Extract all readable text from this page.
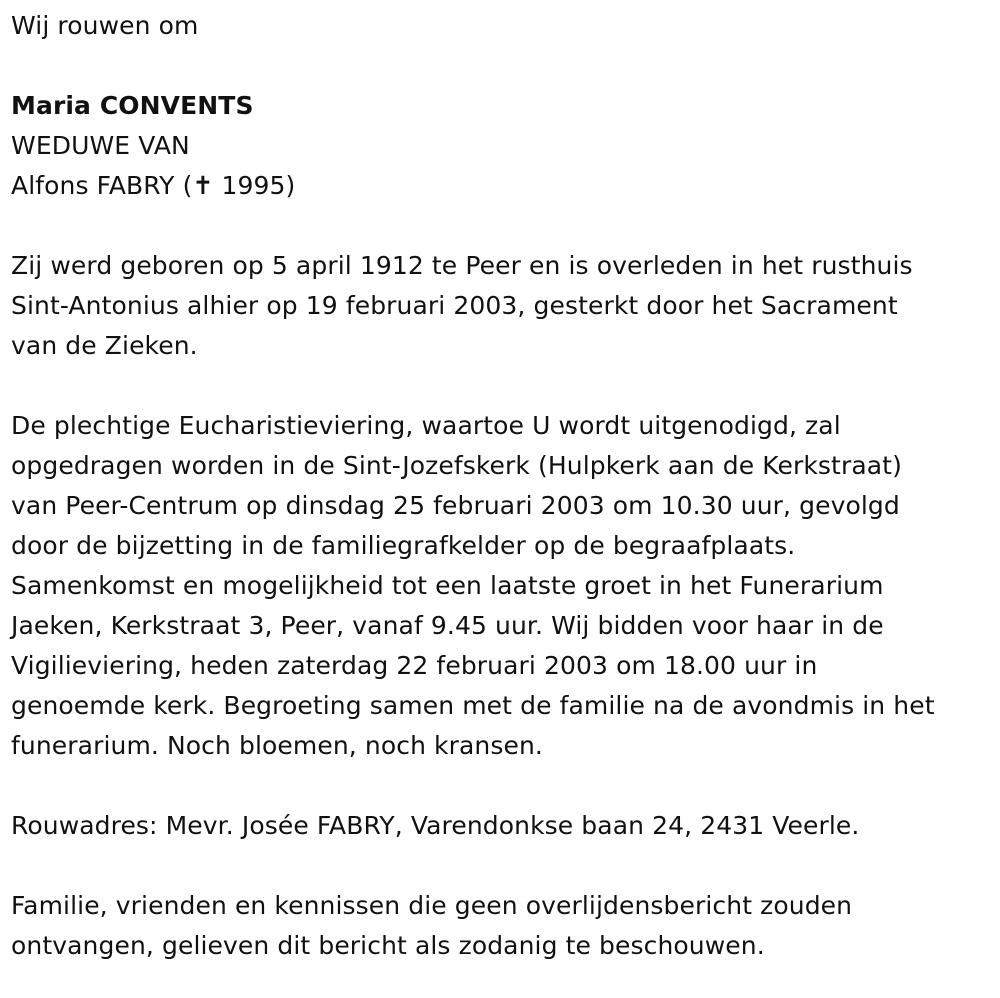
Wij rouwen om

Maria CONVENTS

WEDUWE VAN

Alfons FABRY (✝ 1995)

Zij werd geboren op 5 april 1912 te Peer en is overleden in het rusthuis

Sint-Antonius alhier op 19 februari 2003, gesterkt door het Sacrament

van de Zieken.

De plechtige Eucharistieviering, waartoe U wordt uitgenodigd, zal

opgedragen worden in de Sint-Jozefskerk (Hulpkerk aan de Kerkstraat)

van Peer-Centrum op dinsdag 25 februari 2003 om 10.30 uur, gevolgd

door de bijzetting in de familiegrafkelder op de begraafplaats.

Samenkomst en mogelijkheid tot een laatste groet in het Funerarium

Jaeken, Kerkstraat 3, Peer, vanaf 9.45 uur. Wij bidden voor haar in de

Vigilieviering, heden zaterdag 22 februari 2003 om 18.00 uur in

genoemde kerk. Begroeting samen met de familie na de avondmis in het

funerarium. Noch bloemen, noch kransen.

Rouwadres: Mevr. Josée FABRY, Varendonkse baan 24, 2431 Veerle.

Familie, vrienden en kennissen die geen overlijdensbericht zouden

ontvangen, gelieven dit bericht als zodanig te beschouwen.
